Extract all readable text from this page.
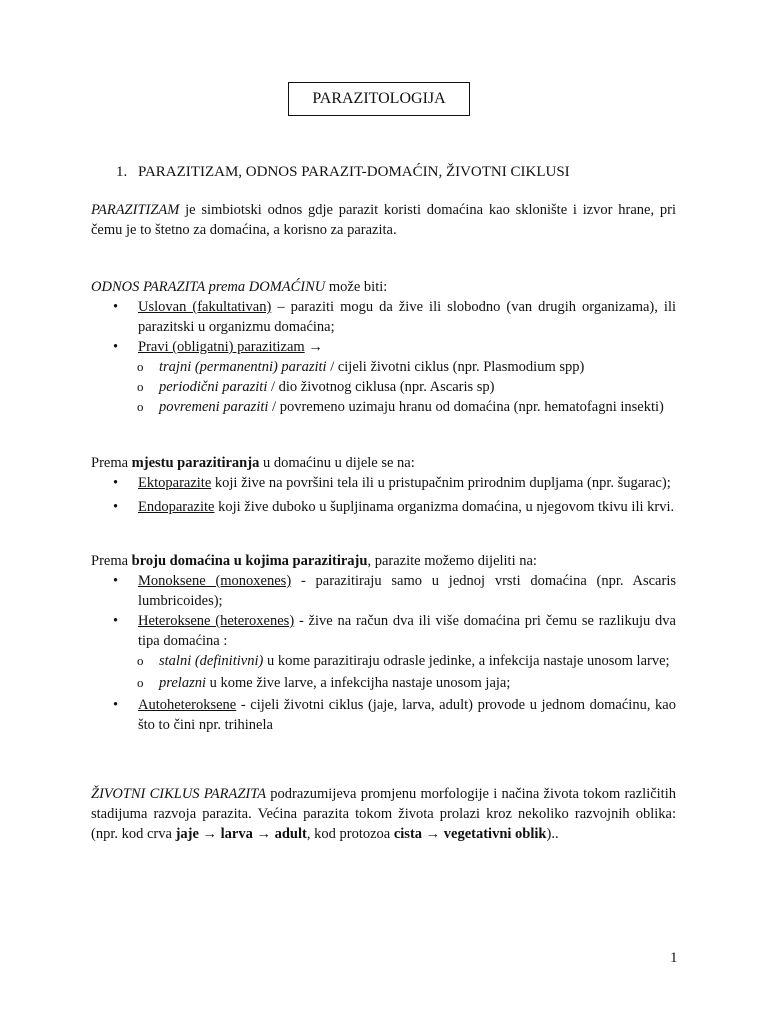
PARAZITOLOGIJA
1. PARAZITIZAM, ODNOS PARAZIT-DOMAĆIN, ŽIVOTNI CIKLUSI
PARAZITIZAM je simbiotski odnos gdje parazit koristi domaćina kao sklonište i izvor hrane, pri čemu je to štetno za domaćina, a korisno za parazita.
ODNOS PARAZITA prema DOMAĆINU može biti:
• Uslovan (fakultativan) – paraziti mogu da žive ili slobodno (van drugih organizama), ili parazitski u organizmu domaćina;
• Pravi (obligatni) parazitizam →
o trajni (permanentni) paraziti / cijeli životni ciklus (npr. Plasmodium spp)
o periodični paraziti / dio životnog ciklusa (npr. Ascaris sp)
o povremeni paraziti / povremeno uzimaju hranu od domaćina (npr. hematofagni insekti)
Prema mjestu parazitiranja u domaćinu u dijele se na:
• Ektoparazite koji žive na površini tela ili u pristupačnim prirodnim dupljama (npr. šugarac);
• Endoparazite koji žive duboko u šupljinama organizma domaćina, u njegovom tkivu ili krvi.
Prema broju domaćina u kojima parazitiraju, parazite možemo dijeliti na:
• Monoksene (monoxenes) - parazitiraju samo u jednoj vrsti domaćina (npr. Ascaris lumbricoides);
• Heteroksene (heteroxenes) - žive na račun dva ili više domaćina pri čemu se razlikuju dva tipa domaćina :
o stalni (definitivni) u kome parazitiraju odrasle jedinke, a infekcija nastaje unosom larve;
o prelazni u kome žive larve, a infekcijha nastaje unosom jaja;
• Autoheteroksene - cijeli životni ciklus (jaje, larva, adult) provode u jednom domaćinu, kao što to čini npr. trihinela
ŽIVOTNI CIKLUS PARAZITA podrazumijeva promjenu morfologije i načina života tokom različitih stadijuma razvoja parazita. Većina parazita tokom života prolazi kroz nekoliko razvojnih oblika: (npr. kod crva jaje → larva → adult, kod protozoa cista → vegetativni oblik)..
1
